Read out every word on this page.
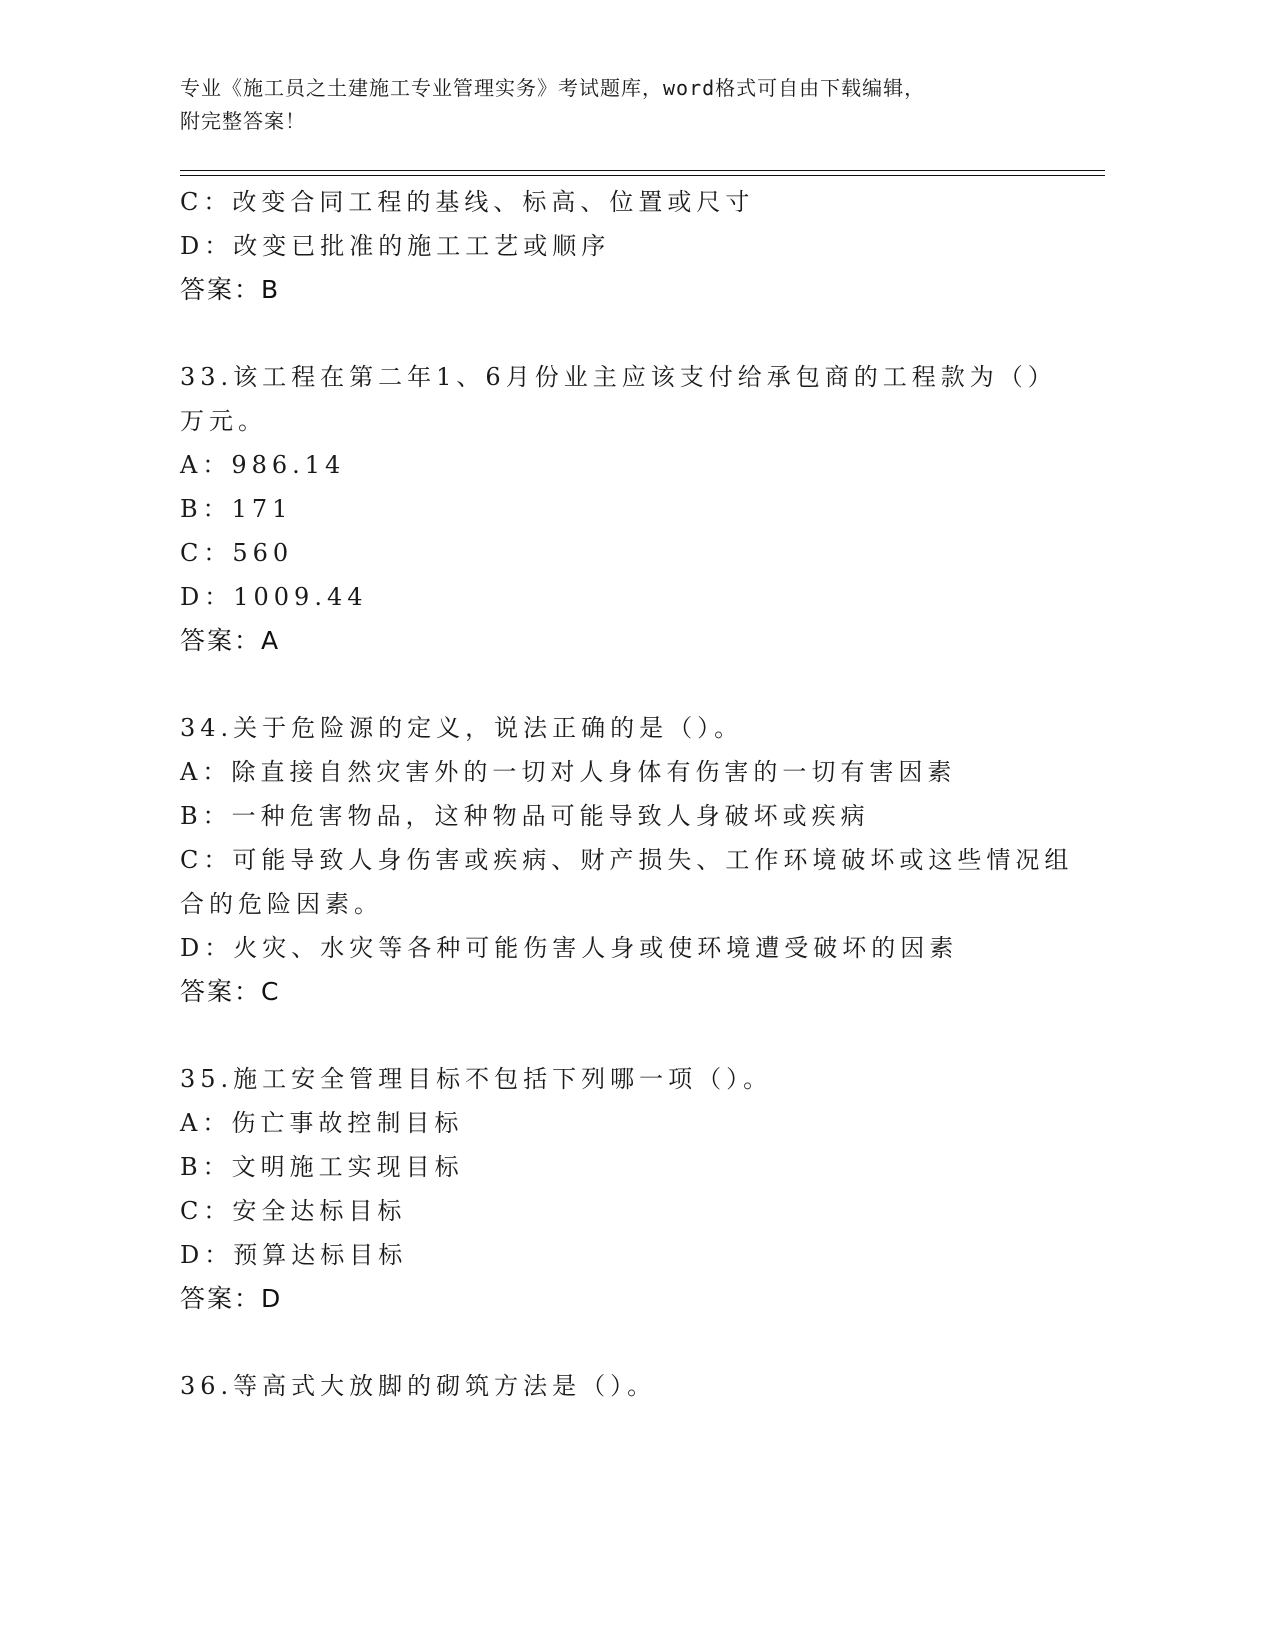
专业《施工员之土建施工专业管理实务》考试题库，word格式可自由下载编辑，
附完整答案！
C：改变合同工程的基线、标高、位置或尺寸
D：改变已批准的施工工艺或顺序
答案：B
33.该工程在第二年1、6月份业主应该支付给承包商的工程款为（）
万元。
A：986.14
B：171
C：560
D：1009.44
答案：A
34.关于危险源的定义，说法正确的是（）。
A：除直接自然灾害外的一切对人身体有伤害的一切有害因素
B：一种危害物品，这种物品可能导致人身破坏或疾病
C：可能导致人身伤害或疾病、财产损失、工作环境破坏或这些情况组
合的危险因素。
D：火灾、水灾等各种可能伤害人身或使环境遭受破坏的因素
答案：C
35.施工安全管理目标不包括下列哪一项（）。
A：伤亡事故控制目标
B：文明施工实现目标
C：安全达标目标
D：预算达标目标
答案：D
36.等高式大放脚的砌筑方法是（）。
